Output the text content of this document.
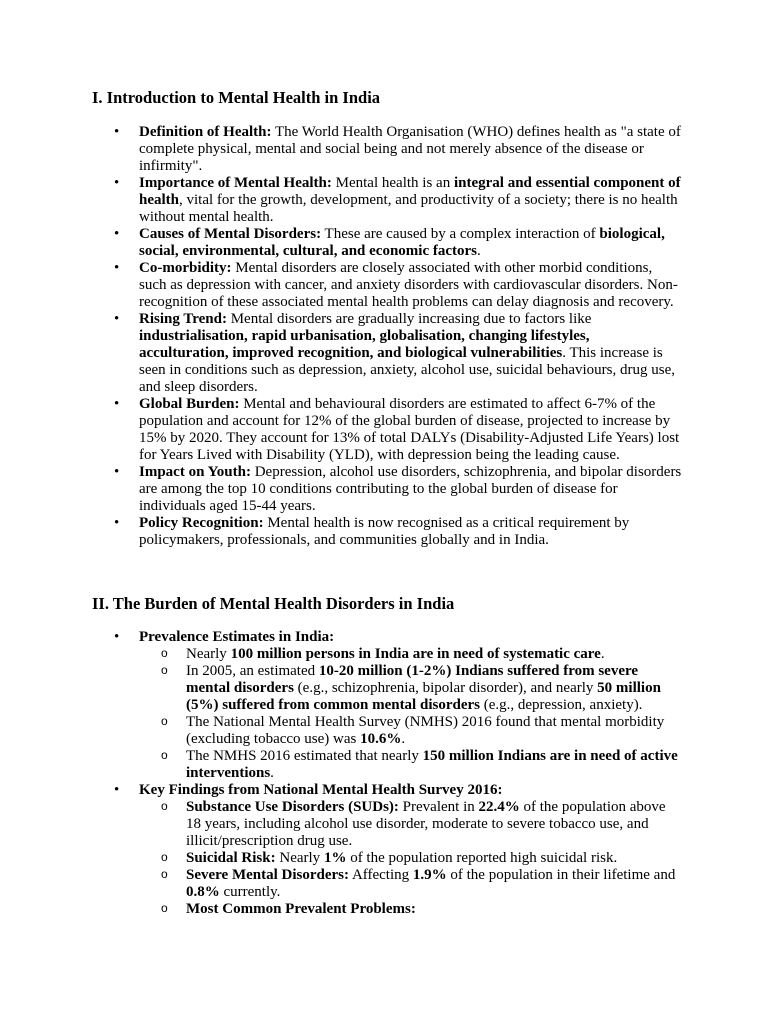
I. Introduction to Mental Health in India
• Definition of Health: The World Health Organisation (WHO) defines health as "a state of complete physical, mental and social being and not merely absence of the disease or infirmity".
• Importance of Mental Health: Mental health is an integral and essential component of health, vital for the growth, development, and productivity of a society; there is no health without mental health.
• Causes of Mental Disorders: These are caused by a complex interaction of biological, social, environmental, cultural, and economic factors.
• Co-morbidity: Mental disorders are closely associated with other morbid conditions, such as depression with cancer, and anxiety disorders with cardiovascular disorders. Non-recognition of these associated mental health problems can delay diagnosis and recovery.
• Rising Trend: Mental disorders are gradually increasing due to factors like industrialisation, rapid urbanisation, globalisation, changing lifestyles, acculturation, improved recognition, and biological vulnerabilities. This increase is seen in conditions such as depression, anxiety, alcohol use, suicidal behaviours, drug use, and sleep disorders.
• Global Burden: Mental and behavioural disorders are estimated to affect 6-7% of the population and account for 12% of the global burden of disease, projected to increase by 15% by 2020. They account for 13% of total DALYs (Disability-Adjusted Life Years) lost for Years Lived with Disability (YLD), with depression being the leading cause.
• Impact on Youth: Depression, alcohol use disorders, schizophrenia, and bipolar disorders are among the top 10 conditions contributing to the global burden of disease for individuals aged 15-44 years.
• Policy Recognition: Mental health is now recognised as a critical requirement by policymakers, professionals, and communities globally and in India.
II. The Burden of Mental Health Disorders in India
• Prevalence Estimates in India:
o Nearly 100 million persons in India are in need of systematic care.
o In 2005, an estimated 10-20 million (1-2%) Indians suffered from severe mental disorders (e.g., schizophrenia, bipolar disorder), and nearly 50 million (5%) suffered from common mental disorders (e.g., depression, anxiety).
o The National Mental Health Survey (NMHS) 2016 found that mental morbidity (excluding tobacco use) was 10.6%.
o The NMHS 2016 estimated that nearly 150 million Indians are in need of active interventions.
• Key Findings from National Mental Health Survey 2016:
o Substance Use Disorders (SUDs): Prevalent in 22.4% of the population above 18 years, including alcohol use disorder, moderate to severe tobacco use, and illicit/prescription drug use.
o Suicidal Risk: Nearly 1% of the population reported high suicidal risk.
o Severe Mental Disorders: Affecting 1.9% of the population in their lifetime and 0.8% currently.
o Most Common Prevalent Problems:
